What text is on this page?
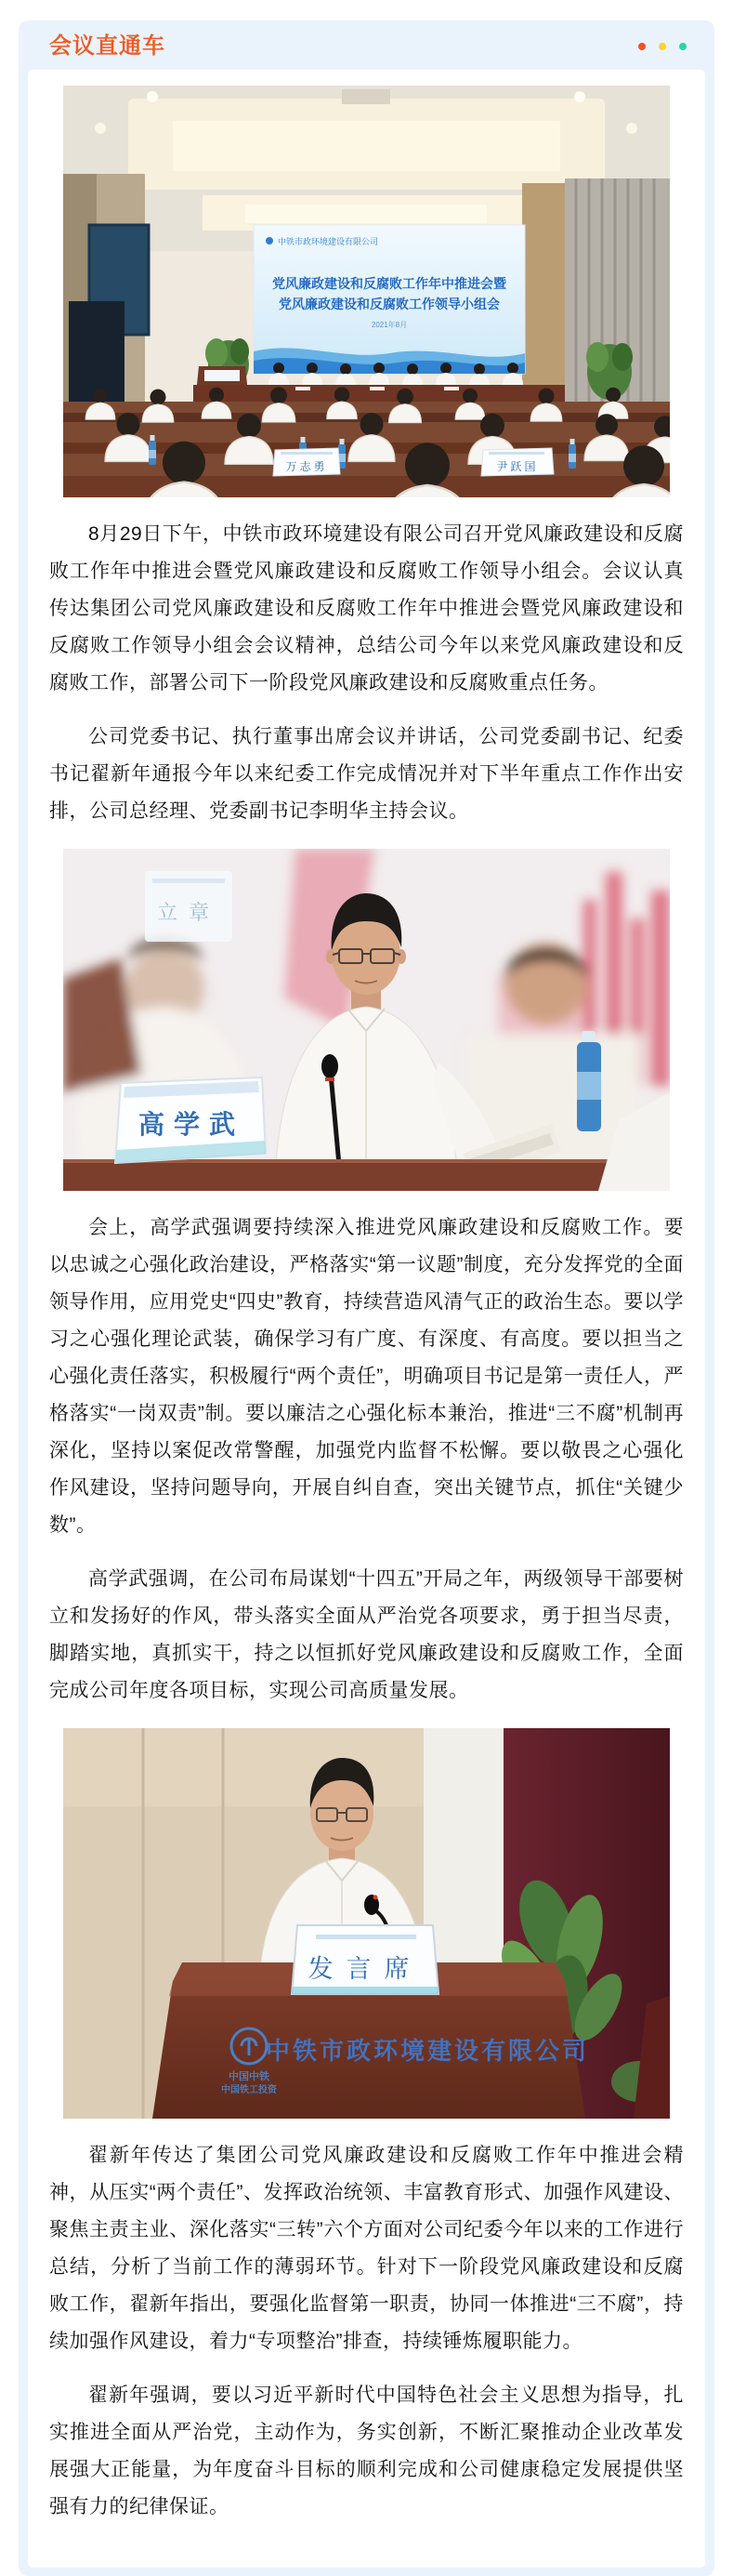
会议直通车
中铁市政环境建设有限公司
党风廉政建设和反腐败工作年中推进会暨
党风廉政建设和反腐败工作领导小组会
2021年8月
万志勇	尹跃国

8月29日下午，中铁市政环境建设有限公司召开党风廉政建设和反腐败工作年中推进会暨党风廉政建设和反腐败工作领导小组会。会议认真传达集团公司党风廉政建设和反腐败工作年中推进会暨党风廉政建设和反腐败工作领导小组会会议精神，总结公司今年以来党风廉政建设和反腐败工作，部署公司下一阶段党风廉政建设和反腐败重点任务。

公司党委书记、执行董事出席会议并讲话，公司党委副书记、纪委书记翟新年通报今年以来纪委工作完成情况并对下半年重点工作作出安排，公司总经理、党委副书记李明华主持会议。

立章
高学武

会上，高学武强调要持续深入推进党风廉政建设和反腐败工作。要以忠诚之心强化政治建设，严格落实“第一议题”制度，充分发挥党的全面领导作用，应用党史“四史”教育，持续营造风清气正的政治生态。要以学习之心强化理论武装，确保学习有广度、有深度、有高度。要以担当之心强化责任落实，积极履行“两个责任”，明确项目书记是第一责任人，严格落实“一岗双责”制。要以廉洁之心强化标本兼治，推进“三不腐”机制再深化，坚持以案促改常警醒，加强党内监督不松懈。要以敬畏之心强化作风建设，坚持问题导向，开展自纠自查，突出关键节点，抓住“关键少数”。

高学武强调，在公司布局谋划“十四五”开局之年，两级领导干部要树立和发扬好的作风，带头落实全面从严治党各项要求，勇于担当尽责，脚踏实地，真抓实干，持之以恒抓好党风廉政建设和反腐败工作，全面完成公司年度各项目标，实现公司高质量发展。

发言席
中国中铁
中国铁工投资
中铁市政环境建设有限公司

翟新年传达了集团公司党风廉政建设和反腐败工作年中推进会精神，从压实“两个责任”、发挥政治统领、丰富教育形式、加强作风建设、聚焦主责主业、深化落实“三转”六个方面对公司纪委今年以来的工作进行总结，分析了当前工作的薄弱环节。针对下一阶段党风廉政建设和反腐败工作，翟新年指出，要强化监督第一职责，协同一体推进“三不腐”，持续加强作风建设，着力“专项整治”排查，持续锤炼履职能力。

翟新年强调，要以习近平新时代中国特色社会主义思想为指导，扎实推进全面从严治党，主动作为，务实创新，不断汇聚推动企业改革发展强大正能量，为年度奋斗目标的顺利完成和公司健康稳定发展提供坚强有力的纪律保证。
